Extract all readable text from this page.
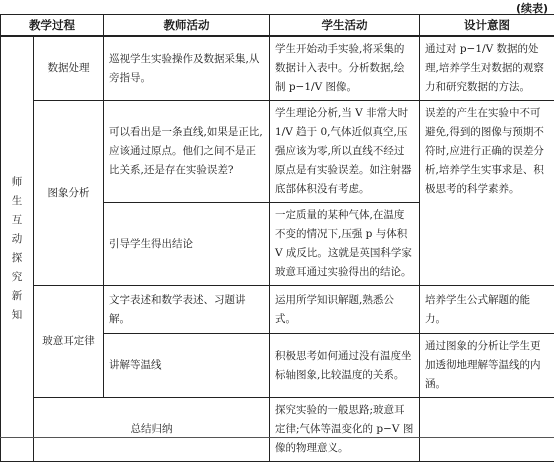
(续表)
教学过程		教师活动	学生活动	设计意图	
师生互动探究新知	数据处理	巡视学生实验操作及数据采集,从旁指导。	学生开始动手实验,将采集的数据计入表中。分析数据,绘制 p−1/V 图像。	通过对 p−1/V 数据的处理,培养学生对数据的观察力和研究数据的方法。	
	图象分析	可以看出是一条直线,如果是正比,应该通过原点。他们之间不是正比关系,还是存在实验误差?	学生理论分析,当 V 非常大时 1/V 趋于 0,气体近似真空,压强应该为零,所以直线不经过原点是有实验误差。如注射器底部体积没有考虑。	误差的产生在实验中不可避免,得到的图像与预期不符时,应进行正确的误差分析,培养学生实事求是、积极思考的科学素养。	
		引导学生得出结论	一定质量的某种气体,在温度不变的情况下,压强 p 与体积 V 成反比。这就是英国科学家玻意耳通过实验得出的结论。		
	玻意耳定律	文字表述和数学表述、习题讲解。	运用所学知识解题,熟悉公式。	培养学生公式解题的能力。	
		讲解等温线	积极思考如何通过没有温度坐标轴图象,比较温度的关系。	通过图象的分析让学生更加透彻地理解等温线的内涵。	
	总结归纳		探究实验的一般思路;玻意耳定律;气体等温变化的 p−V 图像的物理意义。		
